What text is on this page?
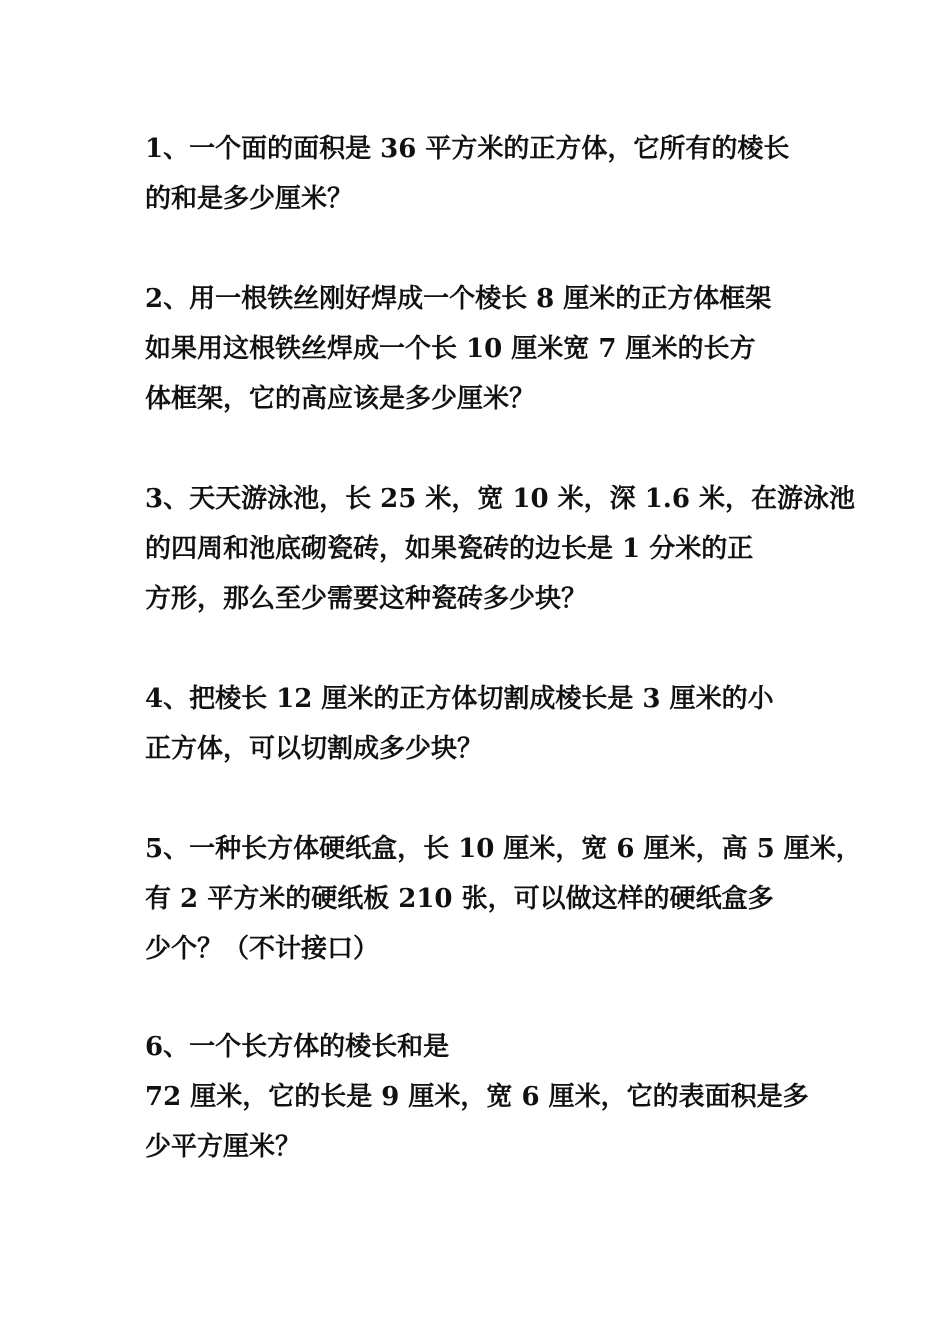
1、一个面的面积是 36 平方米的正方体，它所有的棱长
的和是多少厘米？
2、用一根铁丝刚好焊成一个棱长 8 厘米的正方体框架
如果用这根铁丝焊成一个长 10 厘米宽 7 厘米的长方
体框架，它的高应该是多少厘米？
3、天天游泳池，长 25 米，宽 10 米，深 1.6 米，在游泳池
的四周和池底砌瓷砖，如果瓷砖的边长是 1 分米的正
方形，那么至少需要这种瓷砖多少块？
4、把棱长 12 厘米的正方体切割成棱长是 3 厘米的小
正方体，可以切割成多少块？
5、一种长方体硬纸盒，长 10 厘米，宽 6 厘米，高 5 厘米，
有 2 平方米的硬纸板 210 张，可以做这样的硬纸盒多
少个？（不计接口）
6、一个长方体的棱长和是
72 厘米，它的长是 9 厘米，宽 6 厘米，它的表面积是多
少平方厘米？
